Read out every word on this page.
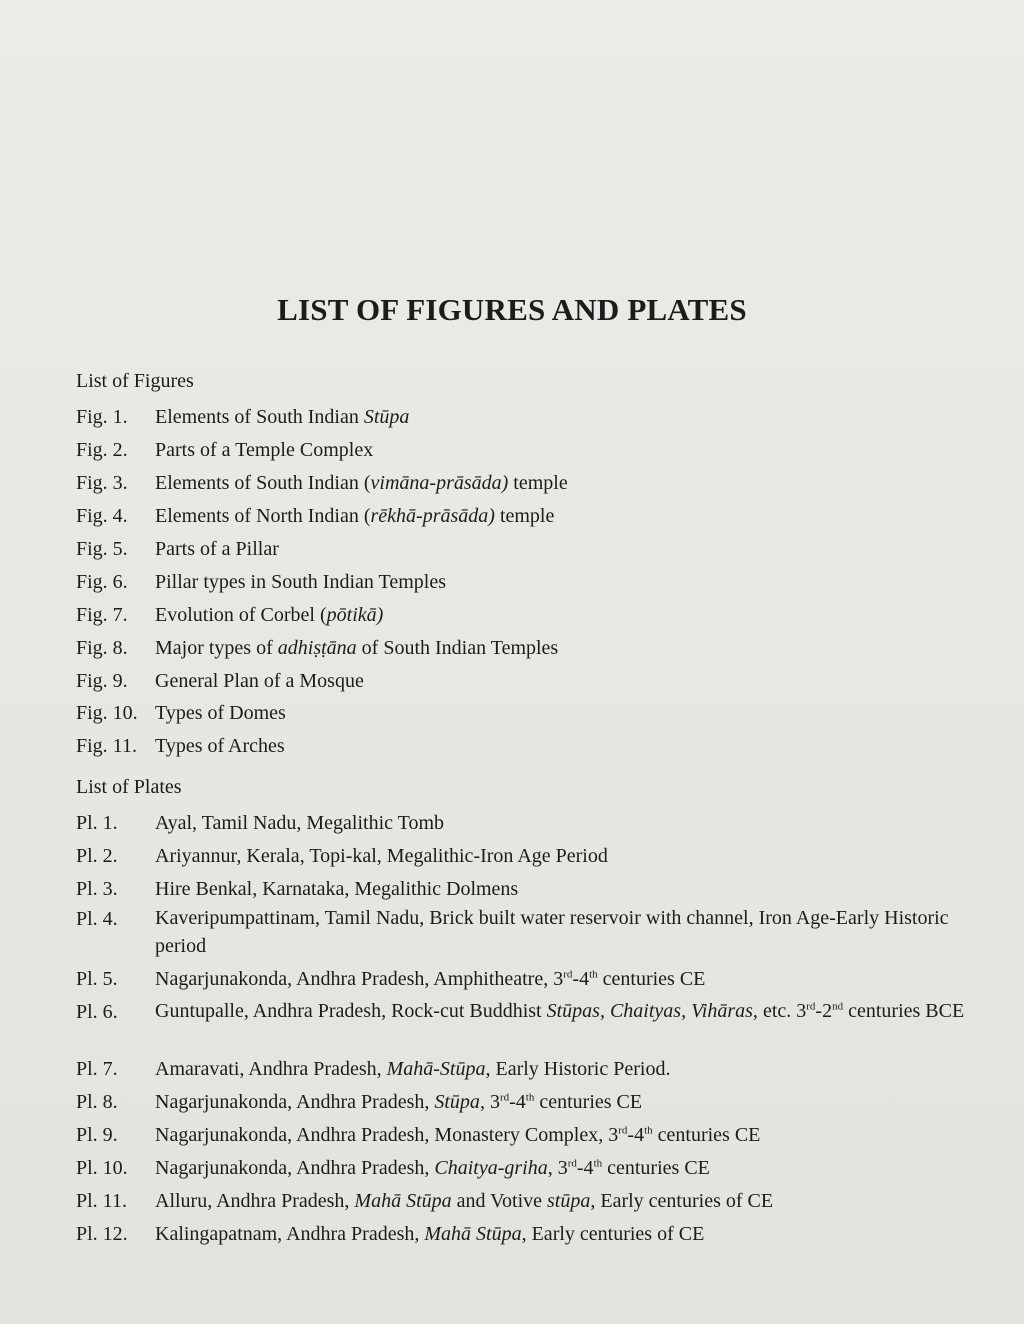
LIST OF FIGURES AND PLATES
List of Figures
Fig. 1. Elements of South Indian Stūpa
Fig. 2. Parts of a Temple Complex
Fig. 3. Elements of South Indian (vimāna-prāsāda) temple
Fig. 4. Elements of North Indian (rēkhā-prāsāda) temple
Fig. 5. Parts of a Pillar
Fig. 6. Pillar types in South Indian Temples
Fig. 7. Evolution of Corbel (pōtikā)
Fig. 8. Major types of adhiṣṭāna of South Indian Temples
Fig. 9. General Plan of a Mosque
Fig. 10. Types of Domes
Fig. 11. Types of Arches
List of Plates
Pl. 1. Ayal, Tamil Nadu, Megalithic Tomb
Pl. 2. Ariyannur, Kerala, Topi-kal, Megalithic-Iron Age Period
Pl. 3. Hire Benkal, Karnataka, Megalithic Dolmens
Pl. 4. Kaveripumpattinam, Tamil Nadu, Brick built water reservoir with channel, Iron Age-Early Historic period
Pl. 5. Nagarjunakonda, Andhra Pradesh, Amphitheatre, 3rd-4th centuries CE
Pl. 6. Guntupalle, Andhra Pradesh, Rock-cut Buddhist Stūpas, Chaityas, Vihāras, etc. 3rd-2nd centuries BCE
Pl. 7. Amaravati, Andhra Pradesh, Mahā-Stūpa, Early Historic Period.
Pl. 8. Nagarjunakonda, Andhra Pradesh, Stūpa, 3rd-4th centuries CE
Pl. 9. Nagarjunakonda, Andhra Pradesh, Monastery Complex, 3rd-4th centuries CE
Pl. 10. Nagarjunakonda, Andhra Pradesh, Chaitya-griha, 3rd-4th centuries CE
Pl. 11. Alluru, Andhra Pradesh, Mahā Stūpa and Votive stūpa, Early centuries of CE
Pl. 12. Kalingapatnam, Andhra Pradesh, Mahā Stūpa, Early centuries of CE
